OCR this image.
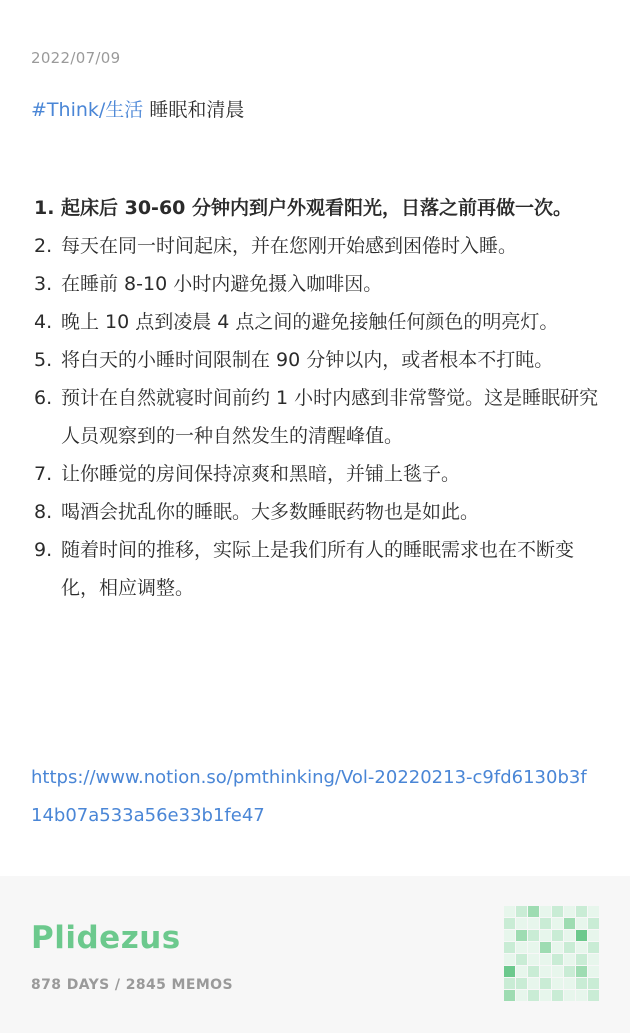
2022/07/09
#Think/生活 睡眠和清晨
1. 起床后 30-60 分钟内到户外观看阳光，日落之前再做一次。
2. 每天在同一时间起床，并在您刚开始感到困倦时入睡。
3. 在睡前 8-10 小时内避免摄入咖啡因。
4. 晚上 10 点到凌晨 4 点之间的避免接触任何颜色的明亮灯。
5. 将白天的小睡时间限制在 90 分钟以内，或者根本不打盹。
6. 预计在自然就寝时间前约 1 小时内感到非常警觉。这是睡眠研究人员观察到的一种自然发生的清醒峰值。
7. 让你睡觉的房间保持凉爽和黑暗，并铺上毯子。
8. 喝酒会扰乱你的睡眠。大多数睡眠药物也是如此。
9. 随着时间的推移，实际上是我们所有人的睡眠需求也在不断变化，相应调整。
https://www.notion.so/pmthinking/Vol-20220213-c9fd6130b3f14b07a533a56e33b1fe47
Plidezus
878 DAYS / 2845 MEMOS
